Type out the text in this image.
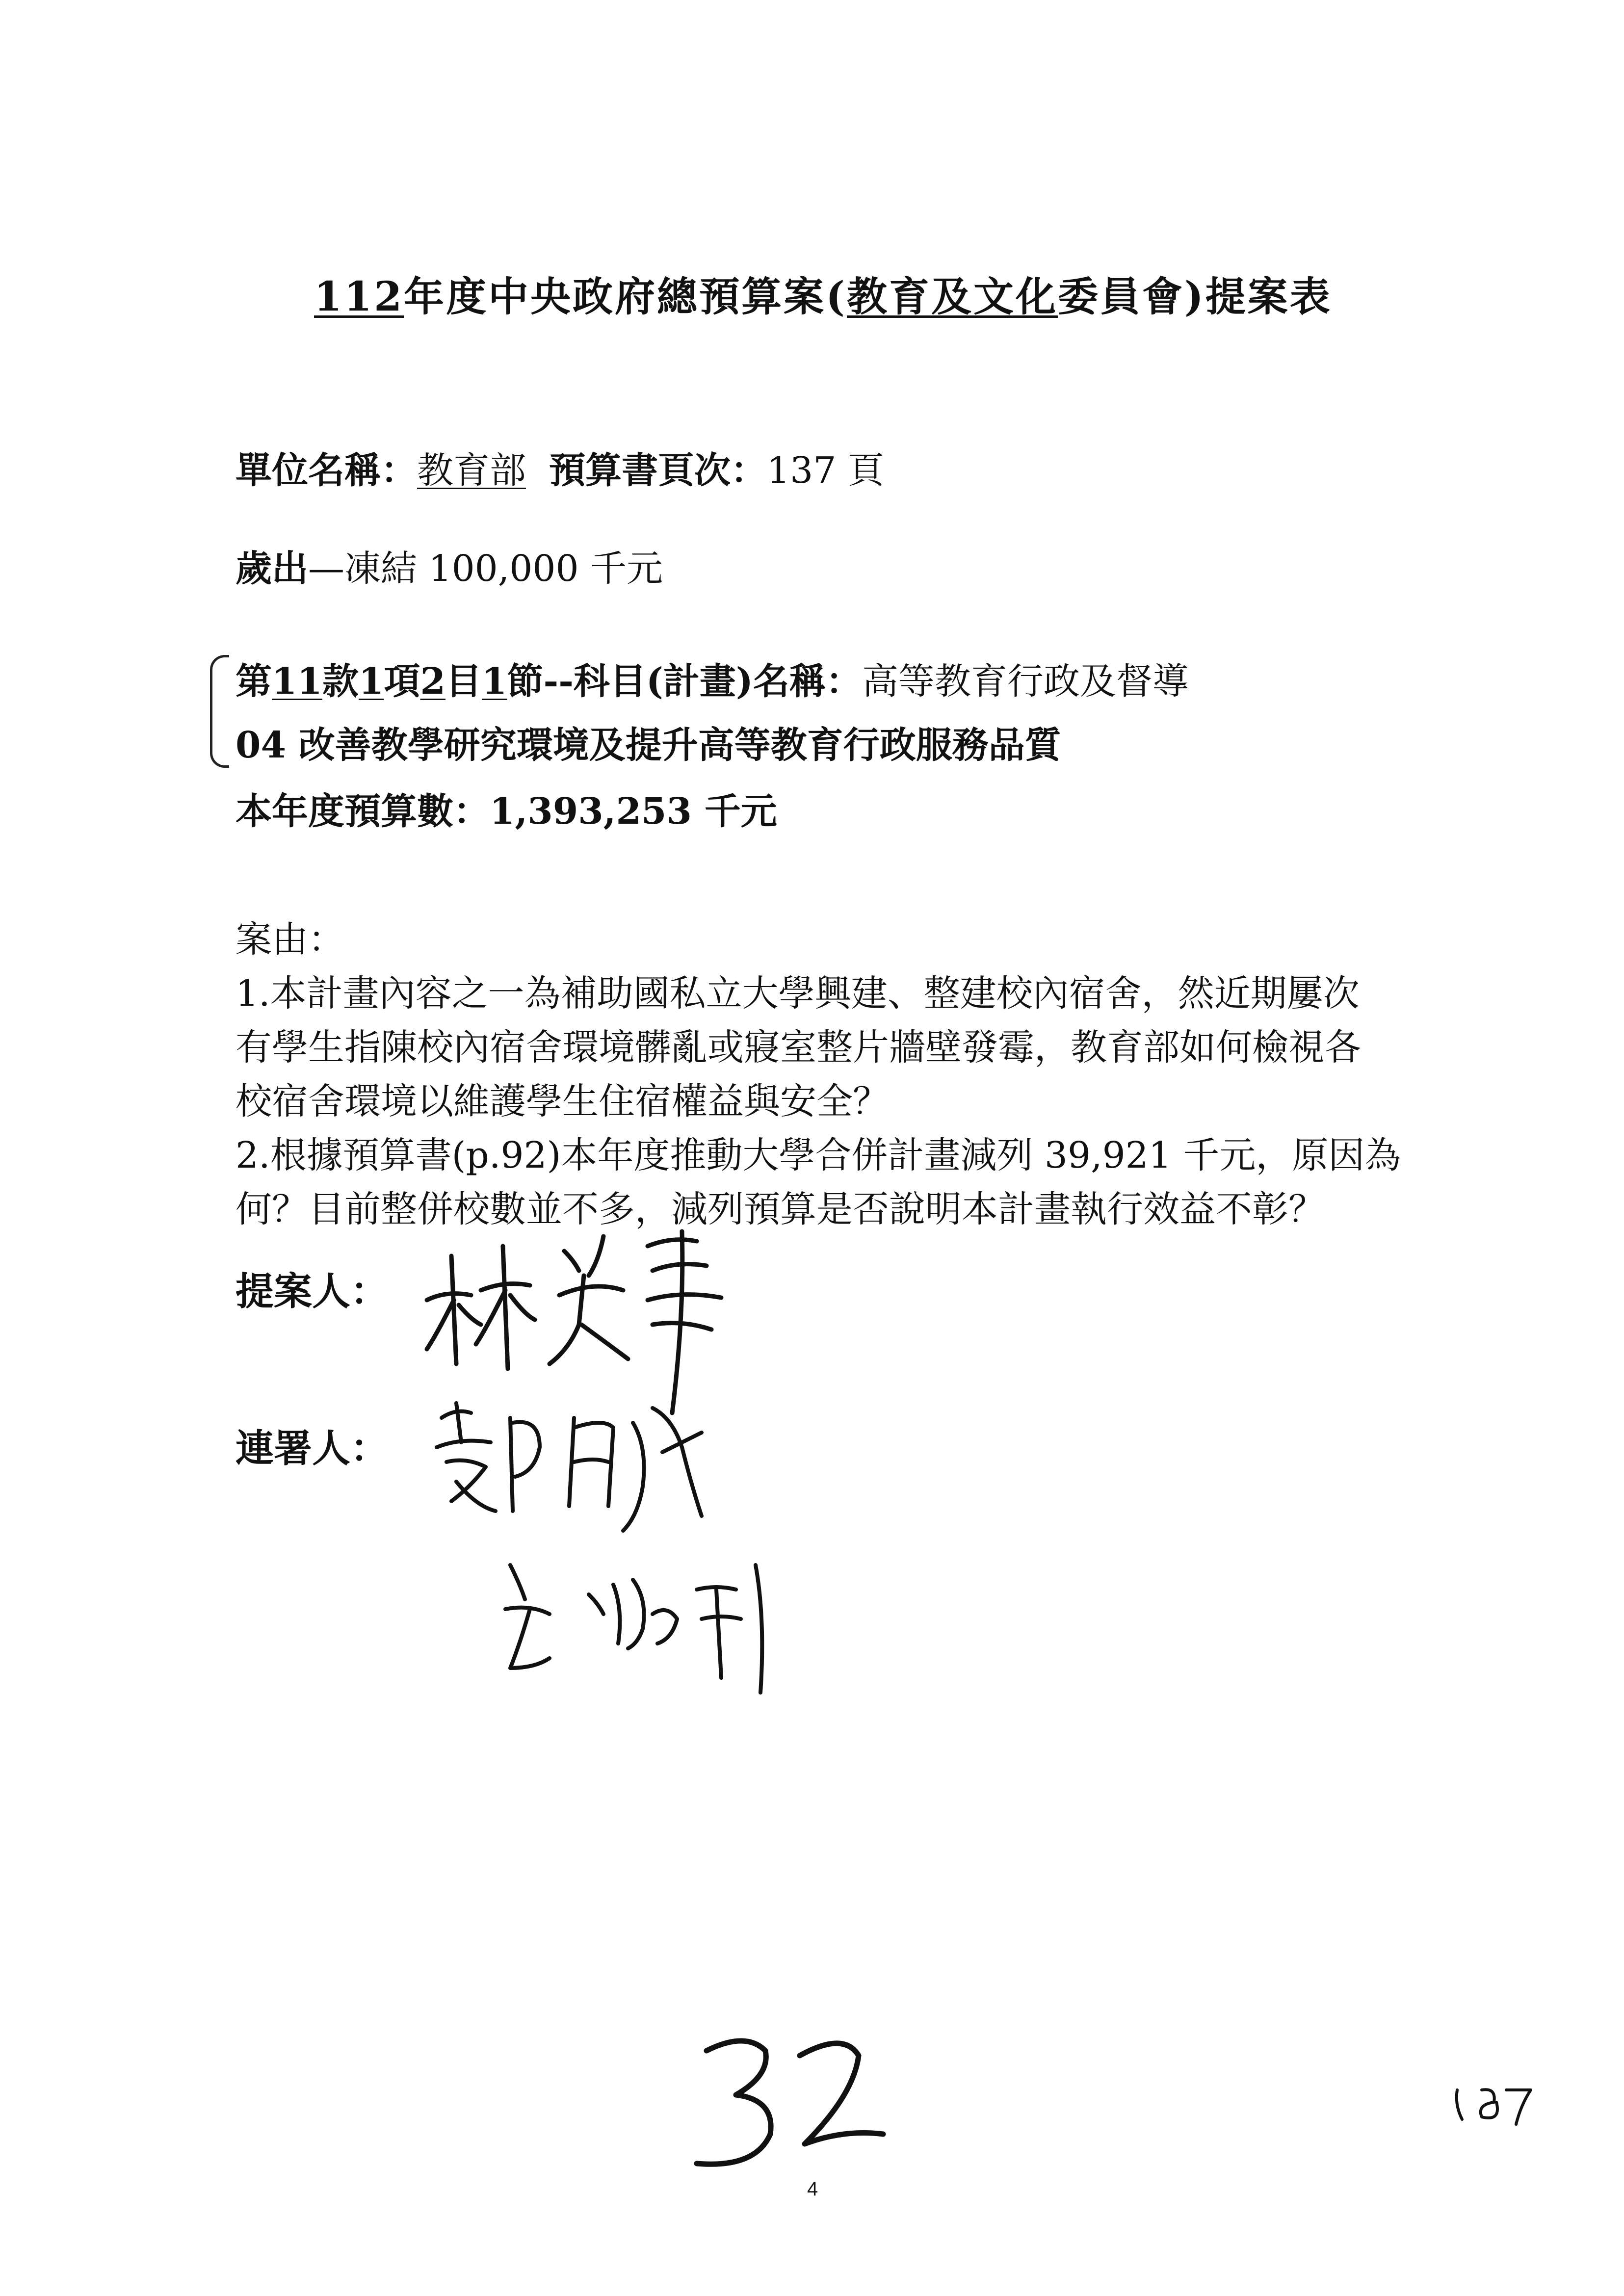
112年度中央政府總預算案(教育及文化委員會)提案表
單位名稱：教育部 預算書頁次：137 頁
歲出—凍結 100,000 千元
第11款1項2目1節--科目(計畫)名稱：高等教育行政及督導
04 改善教學研究環境及提升高等教育行政服務品質
本年度預算數：1,393,253 千元
案由：
1.本計畫內容之一為補助國私立大學興建、整建校內宿舍，然近期屢次
有學生指陳校內宿舍環境髒亂或寢室整片牆壁發霉，教育部如何檢視各
校宿舍環境以維護學生住宿權益與安全？
2.根據預算書(p.92)本年度推動大學合併計畫減列 39,921 千元，原因為
何？目前整併校數並不多，減列預算是否說明本計畫執行效益不彰？
提案人：
連署人：
4
